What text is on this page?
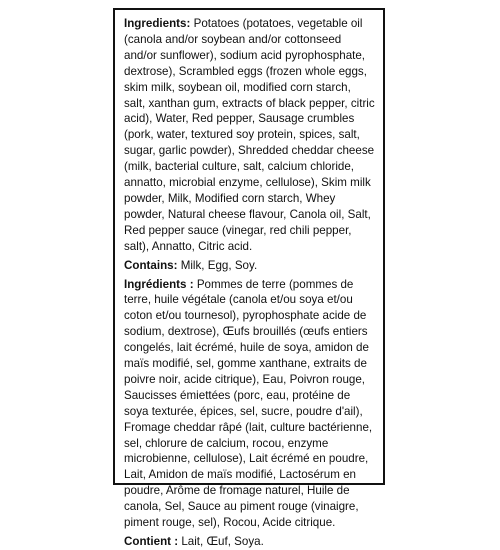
Ingredients: Potatoes (potatoes, vegetable oil (canola and/or soybean and/or cottonseed and/or sunflower), sodium acid pyrophosphate, dextrose), Scrambled eggs (frozen whole eggs, skim milk, soybean oil, modified corn starch, salt, xanthan gum, extracts of black pepper, citric acid), Water, Red pepper, Sausage crumbles (pork, water, textured soy protein, spices, salt, sugar, garlic powder), Shredded cheddar cheese (milk, bacterial culture, salt, calcium chloride, annatto, microbial enzyme, cellulose), Skim milk powder, Milk, Modified corn starch, Whey powder, Natural cheese flavour, Canola oil, Salt, Red pepper sauce (vinegar, red chili pepper, salt), Annatto, Citric acid.

Contains: Milk, Egg, Soy.

Ingrédients : Pommes de terre (pommes de terre, huile végétale (canola et/ou soya et/ou coton et/ou tournesol), pyrophosphate acide de sodium, dextrose), Œufs brouillés (œufs entiers congelés, lait écrémé, huile de soya, amidon de maïs modifié, sel, gomme xanthane, extraits de poivre noir, acide citrique), Eau, Poivron rouge, Saucisses émiettées (porc, eau, protéine de soya texturée, épices, sel, sucre, poudre d'ail), Fromage cheddar râpé (lait, culture bactérienne, sel, chlorure de calcium, rocou, enzyme microbienne, cellulose), Lait écrémé en poudre, Lait, Amidon de maïs modifié, Lactosérum en poudre, Arôme de fromage naturel, Huile de canola, Sel, Sauce au piment rouge (vinaigre, piment rouge, sel), Rocou, Acide citrique.

Contient : Lait, Œuf, Soya.
